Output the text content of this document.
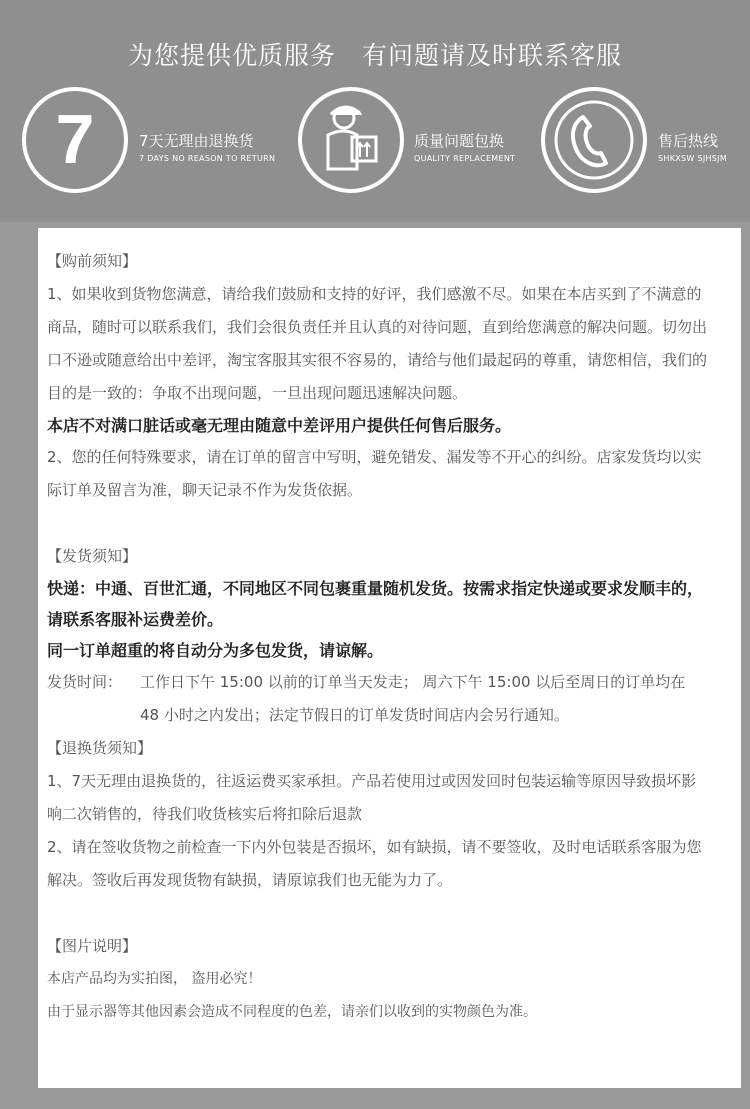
为您提供优质服务　有问题请及时联系客服
7	7天无理由退换货
7 DAYS NO REASON TO RETURN
质量问题包换
QUALITY REPLACEMENT
售后热线
SHKXSW SJHSJM

【购前须知】

1、如果收到货物您满意，请给我们鼓励和支持的好评，我们感激不尽。如果在本店买到了不满意的商品，随时可以联系我们，我们会很负责任并且认真的对待问题，直到给您满意的解决问题。切勿出口不逊或随意给出中差评，淘宝客服其实很不容易的，请给与他们最起码的尊重，请您相信，我们的目的是一致的：争取不出现问题，一旦出现问题迅速解决问题。

本店不对满口脏话或毫无理由随意中差评用户提供任何售后服务。

2、您的任何特殊要求，请在订单的留言中写明，避免错发、漏发等不开心的纠纷。店家发货均以实际订单及留言为准，聊天记录不作为发货依据。

【发货须知】

快递：中通、百世汇通，不同地区不同包裹重量随机发货。按需求指定快递或要求发顺丰的，请联系客服补运费差价。

同一订单超重的将自动分为多包发货，请谅解。

发货时间：	工作日下午 15:00 以前的订单当天发走； 周六下午 15:00 以后至周日的订单均在 48 小时之内发出；法定节假日的订单发货时间店内会另行通知。

【退换货须知】

1、7天无理由退换货的，往返运费买家承担。产品若使用过或因发回时包装运输等原因导致损坏影响二次销售的，待我们收货核实后将扣除后退款

2、请在签收货物之前检查一下内外包装是否损坏，如有缺损，请不要签收，及时电话联系客服为您解决。签收后再发现货物有缺损，请原谅我们也无能为力了。

【图片说明】

本店产品均为实拍图， 盗用必究！

由于显示器等其他因素会造成不同程度的色差，请亲们以收到的实物颜色为准。
